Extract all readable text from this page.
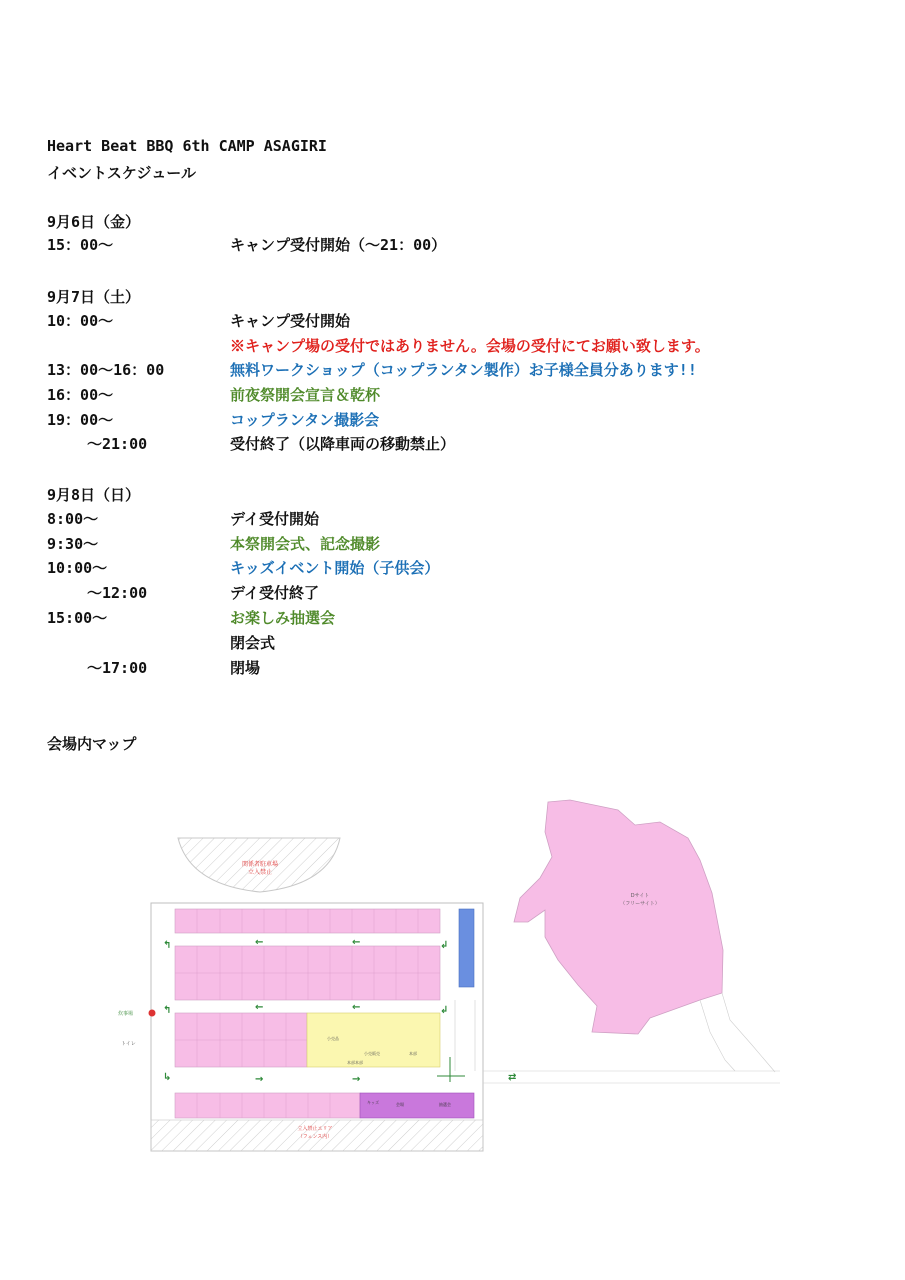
Heart Beat BBQ 6th CAMP ASAGIRI
イベントスケジュール
9月6日（金）
15：00～	キャンプ受付開始（～21：00）
9月7日（土）
10：00～	キャンプ受付開始
※キャンプ場の受付ではありません。会場の受付にてお願い致します。
13：00～16：00	無料ワークショップ（コップランタン製作）お子様全員分あります!!
16：00～	前夜祭開会宣言＆乾杯
19：00～	コップランタン撮影会
～21:00	受付終了（以降車両の移動禁止）
9月8日（日）
8:00～	デイ受付開始
9:30～	本祭開会式、記念撮影
10:00～	キッズイベント開始（子供会）
～12:00	デイ受付終了
15:00～	お楽しみ抽選会
閉会式
～17:00	閉場
会場内マップ
関係者駐車場
立入禁止
小売品
小売販売	本部
本部本部
キッズ	会場	抽選会
立入禁止エリア
（フェンス内）
炊事場
トイレ
↰	←	←	↲
↰	←	←	↲
↳	→	→	⇄
Dサイト
（フリーサイト）
